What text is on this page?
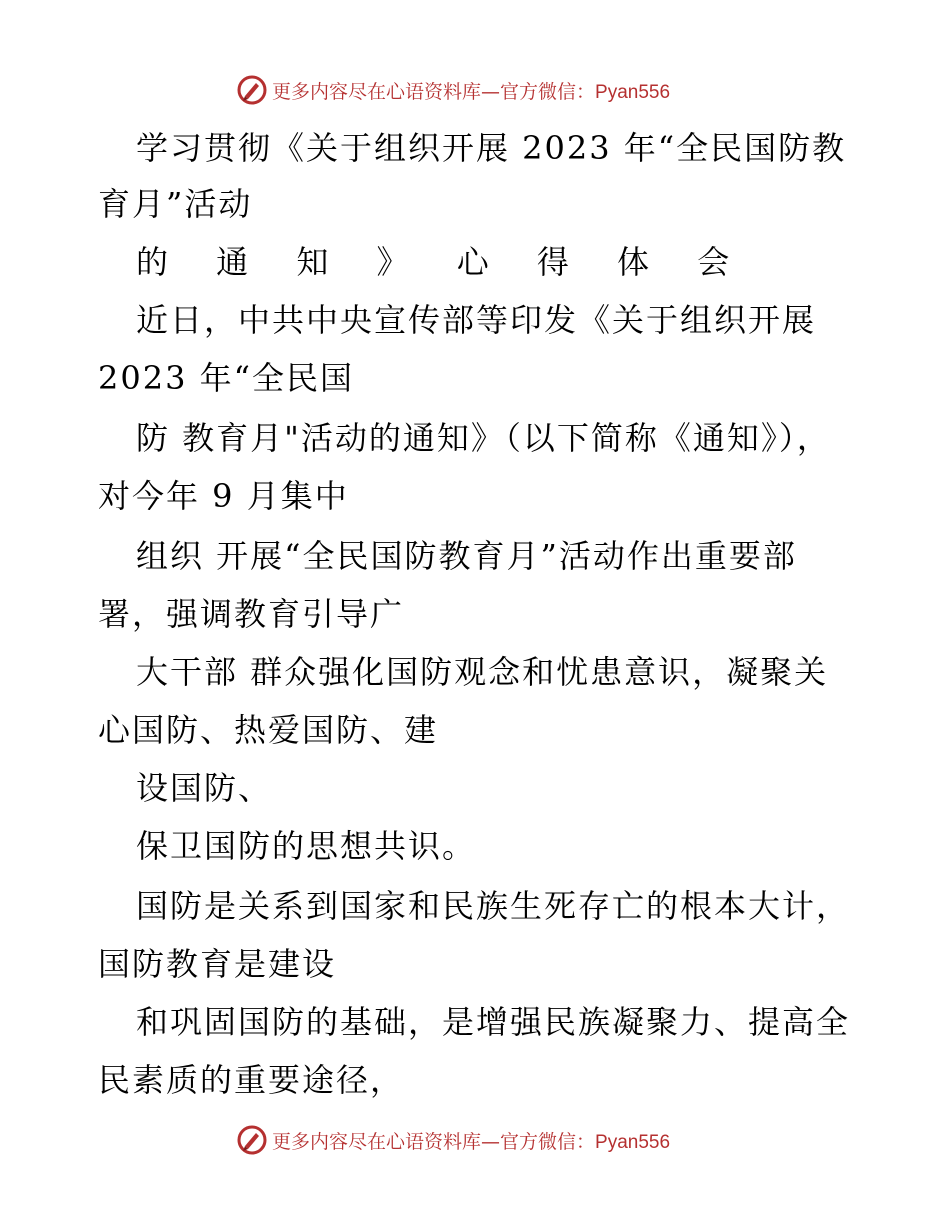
更多内容尽在心语资料库—官方微信：Pyan556
学习贯彻《关于组织开展 2023 年“全民国防教
育月”活动
的 通 知 》 心 得 体 会
近日，中共中央宣传部等印发《关于组织开展
2023 年“全民国
防 教育月"活动的通知》（以下简称《通知》），
对今年 9 月集中
组织 开展“全民国防教育月”活动作出重要部
署，强调教育引导广
大干部 群众强化国防观念和忧患意识，凝聚关
心国防、热爱国防、建
设国防、
保卫国防的思想共识。
国防是关系到国家和民族生死存亡的根本大计，
国防教育是建设
和巩固国防的基础，是增强民族凝聚力、提高全
民素质的重要途径，
更多内容尽在心语资料库—官方微信：Pyan556
